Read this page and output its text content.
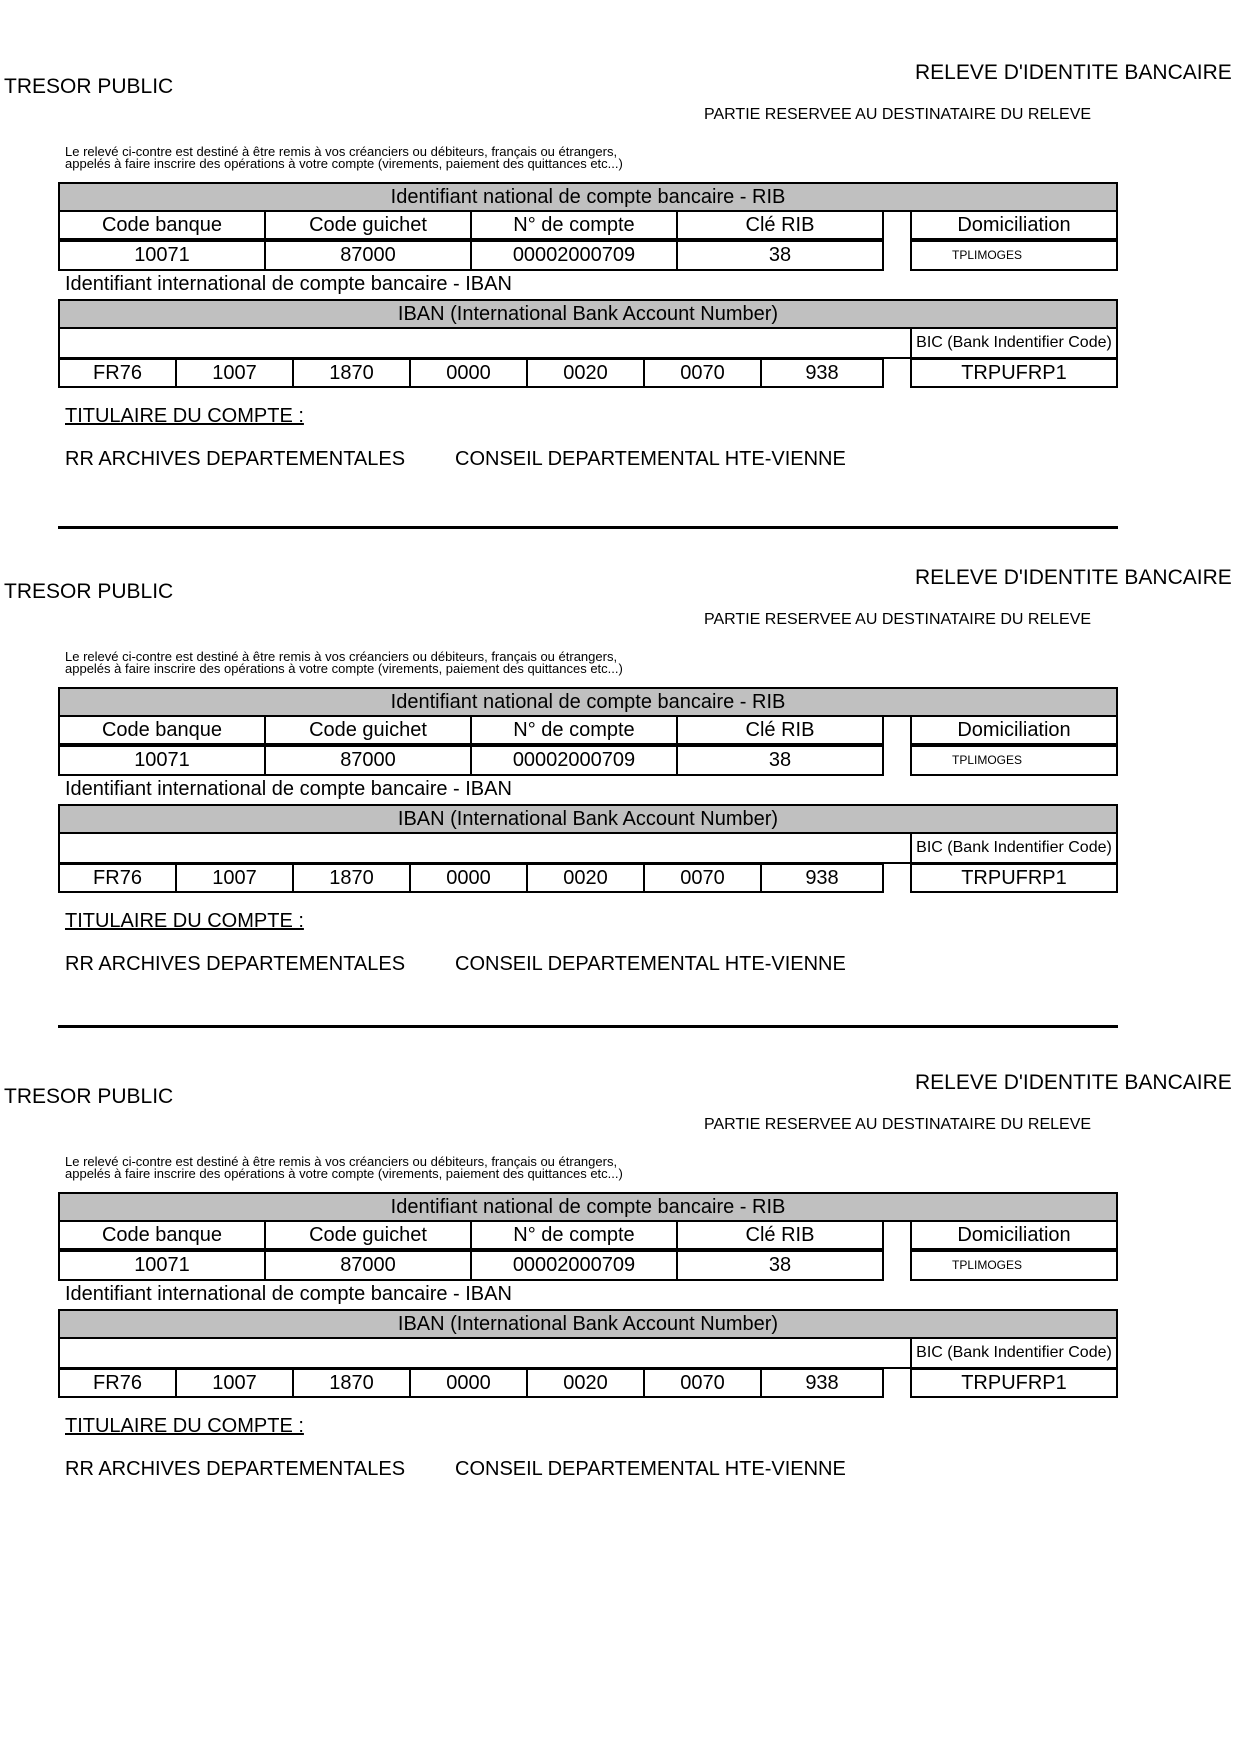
TRESOR PUBLIC

RELEVE D'IDENTITE BANCAIRE

PARTIE RESERVEE AU DESTINATAIRE DU RELEVE

Le relevé ci-contre est destiné à être remis à vos créanciers ou débiteurs, français ou étrangers,
appelés à faire inscrire des opérations à votre compte (virements, paiement des quittances etc...)
Identifiant national de compte bancaire - RIB
Code banque	Code guichet	N° de compte	Clé RIB	Domiciliation
10071	87000	00002000709	38	TPLIMOGES

Identifiant international de compte bancaire - IBAN

IBAN (International Bank Account Number)
BIC (Bank Indentifier Code)
FR76	1007	1870	0000	0020	0070	938	TRPUFRP1

TITULAIRE DU COMPTE :

RR ARCHIVES DEPARTEMENTALES CONSEIL DEPARTEMENTAL HTE-VIENNE

TRESOR PUBLIC

RELEVE D'IDENTITE BANCAIRE

PARTIE RESERVEE AU DESTINATAIRE DU RELEVE

Le relevé ci-contre est destiné à être remis à vos créanciers ou débiteurs, français ou étrangers,
appelés à faire inscrire des opérations à votre compte (virements, paiement des quittances etc...)
Identifiant national de compte bancaire - RIB
Code banque	Code guichet	N° de compte	Clé RIB	Domiciliation
10071	87000	00002000709	38	TPLIMOGES

Identifiant international de compte bancaire - IBAN

IBAN (International Bank Account Number)
BIC (Bank Indentifier Code)
FR76	1007	1870	0000	0020	0070	938	TRPUFRP1

TITULAIRE DU COMPTE :

RR ARCHIVES DEPARTEMENTALES CONSEIL DEPARTEMENTAL HTE-VIENNE

TRESOR PUBLIC

RELEVE D'IDENTITE BANCAIRE

PARTIE RESERVEE AU DESTINATAIRE DU RELEVE

Le relevé ci-contre est destiné à être remis à vos créanciers ou débiteurs, français ou étrangers,
appelés à faire inscrire des opérations à votre compte (virements, paiement des quittances etc...)
Identifiant national de compte bancaire - RIB
Code banque	Code guichet	N° de compte	Clé RIB	Domiciliation
10071	87000	00002000709	38	TPLIMOGES

Identifiant international de compte bancaire - IBAN

IBAN (International Bank Account Number)
BIC (Bank Indentifier Code)
FR76	1007	1870	0000	0020	0070	938	TRPUFRP1

TITULAIRE DU COMPTE :

RR ARCHIVES DEPARTEMENTALES CONSEIL DEPARTEMENTAL HTE-VIENNE
